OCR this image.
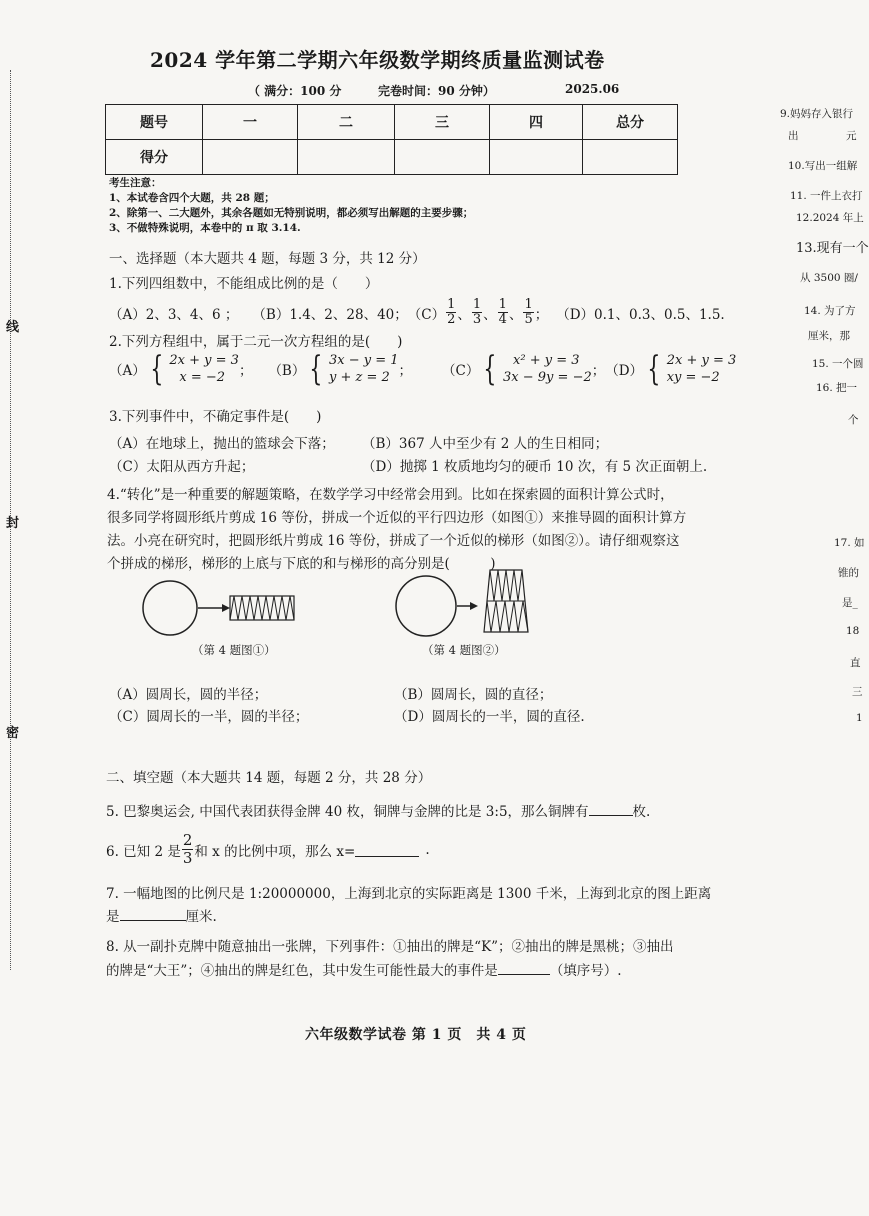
线
封
密
2024 学年第二学期六年级数学期终质量监测试卷
（ 满分：100 分	完卷时间：90 分钟）	2025.06
题号	一	二	三	四	总分
得分					
考生注意：
1、本试卷含四个大题，共 28 题；
2、除第一、二大题外，其余各题如无特别说明，都必须写出解题的主要步骤；
3、不做特殊说明，本卷中的 π 取 3.14.
一、选择题（本大题共 4 题，每题 3 分，共 12 分）
1.下列四组数中，不能组成比例的是（　　）
（A）2、3、4、6 ； （B）1.4、2、28、40； $(C) \frac{1}{2}$ 、 $\frac{1}{3}$ 、 $\frac{1}{4}$ 、 $\frac{1}{5}$ ； （D）0.1、0.3、0.5、1.5.
2.下列方程组中，属于二元一次方程组的是(　　)
（A） { 2x + y = 3
x = −2	； （B） { 3x − y = 1
y + z = 2 ； （C） {	x² + y = 3
3x − 9y = −2 ； （D） { 2x + y = 3
xy = −2
3.下列事件中，不确定事件是(　　)
（A）在地球上，抛出的篮球会下落； （B）367 人中至少有 2 人的生日相同；
（C）太阳从西方升起；	（D）抛掷 1 枚质地均匀的硬币 10 次，有 5 次正面朝上.
4.“转化”是一种重要的解题策略，在数学学习中经常会用到。比如在探索圆的面积计算公式时，
很多同学将圆形纸片剪成 16 等份，拼成一个近似的平行四边形（如图①）来推导圆的面积计算方
法。小亮在研究时，把圆形纸片剪成 16 等份，拼成了一个近似的梯形（如图②）。请仔细观察这
个拼成的梯形，梯形的上底与下底的和与梯形的高分别是(　　　)
（第 4 题图①）	（第 4 题图②）
（A）圆周长，圆的半径；	（B）圆周长，圆的直径；
（C）圆周长的一半，圆的半径；	（D）圆周长的一半，圆的直径.
二、填空题（本大题共 14 题，每题 2 分，共 28 分）
5. 巴黎奥运会, 中国代表团获得金牌 40 枚，铜牌与金牌的比是 3:5，那么铜牌有	枚.
6. 已知 2 是 $\frac{2}{3}$ 和 x 的比例中项，那么 x=	.
7. 一幅地图的比例尺是 1:20000000，上海到北京的实际距离是 1300 千米，上海到北京的图上距离
是	厘米.
8. 从一副扑克牌中随意抽出一张牌，下列事件：①抽出的牌是“K”；②抽出的牌是黑桃；③抽出
的牌是“大王”；④抽出的牌是红色，其中发生可能性最大的事件是	（填序号）.
六年级数学试卷 第 1 页　共 4 页
9.妈妈存入银行
出	元
10.写出一组解
11. 一件上衣打
12.2024 年上
13.现有一个
从 3500 圈/
14. 为了方
厘米，那
15. 一个圆
16. 把一
个
17. 如
锥的
是_
18
直
三
1
